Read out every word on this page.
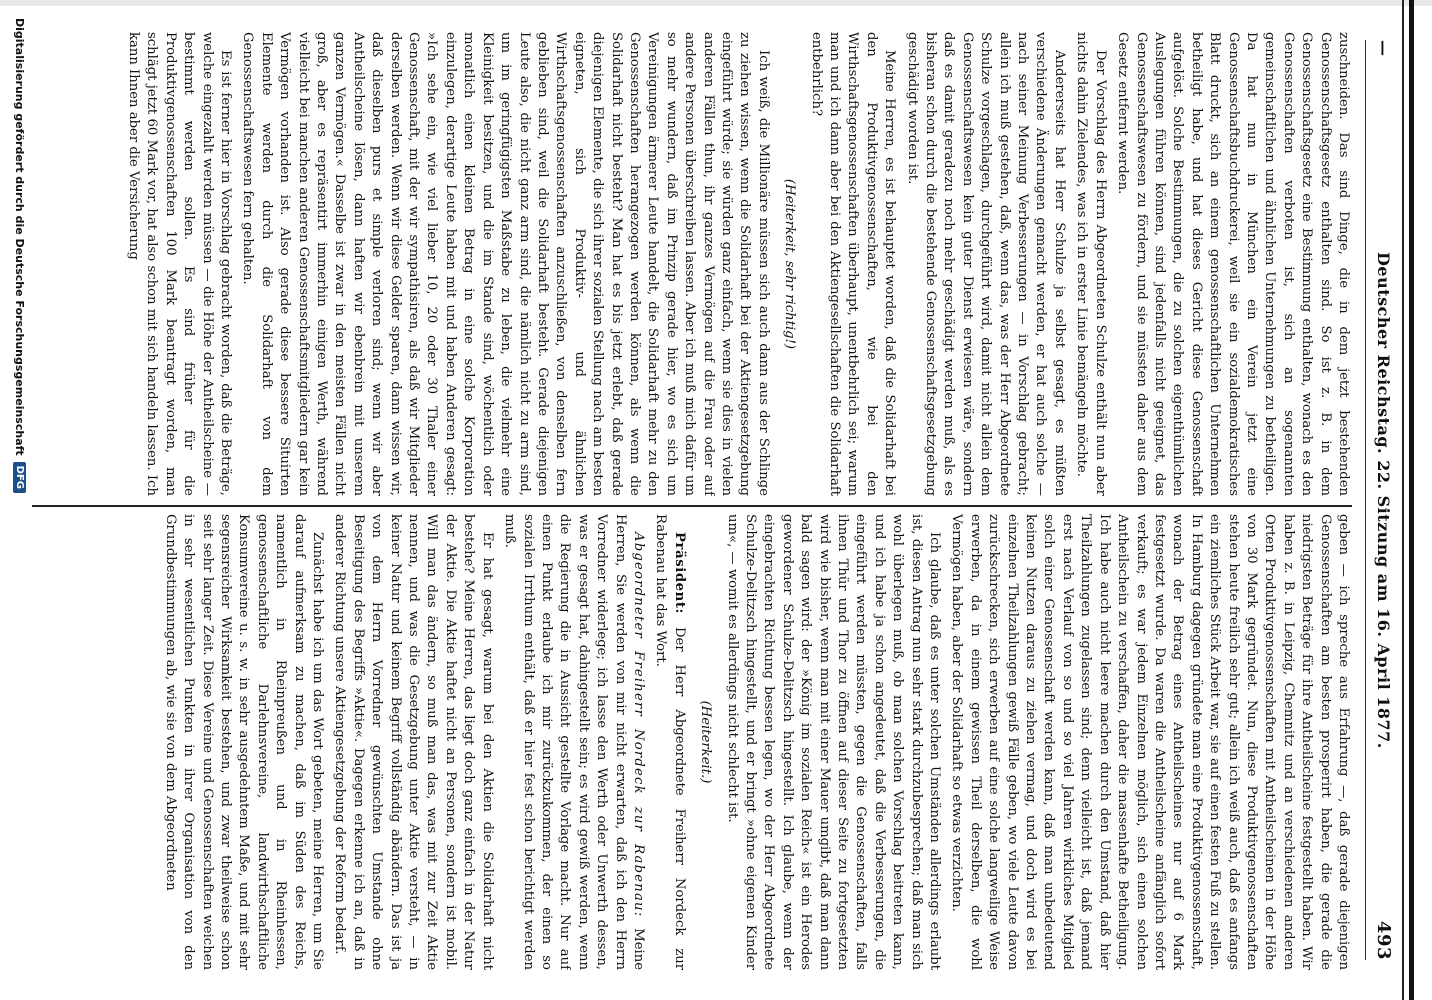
—
Deutscher Reichstag. 22. Sitzung am 16. April 1877.
493

zuschneiden. Das sind Dinge, die in dem jetzt bestehenden Genossenschaftsgesetz enthalten sind. So ist z. B. in dem Genossenschaftsgesetz eine Bestimmung enthalten, wonach es den Genossenschaften verboten ist, sich an sogenannten gemeinschaftlichen und ähnlichen Unternehmungen zu betheiligen. Da hat nun in München ein Verein jetzt eine Genossenschaftsbuchdruckerei, weil sie ein sozialdemokratisches Blatt druckt, sich an einem genossenschaftlichen Unternehmen betheiligt habe, und hat dieses Gericht diese Genossenschaft aufgelöst. Solche Bestimmungen, die zu solchen eigenthümlichen Auslegungen führen können, sind jedenfalls nicht geeignet, das Genossenschaftswesen zu fördern, und sie müssten daher aus dem Gesetz entfernt werden.

Der Vorschlag des Herrn Abgeordneten Schulze enthält nun aber nichts dahin Zielendes, was ich in erster Linie bemängeln möchte.

Andererseits hat Herr Schulze ja selbst gesagt, es müßten verschiedene Änderungen gemacht werden, er hat auch solche — nach seiner Meinung Verbesserungen — in Vorschlag gebracht; allein ich muß gestehen, daß, wenn das, was der Herr Abgeordnete Schulze vorgeschlagen, durchgeführt wird, damit nicht allein dem Genossenschaftswesen kein guter Dienst erwiesen wäre, sondern daß es damit geradezu noch mehr geschädigt werden muß, als es bisheran schon durch die bestehende Genossenschaftsgesetzgebung geschädigt worden ist.

Meine Herren, es ist behauptet worden, daß die Solidarhaft bei den Produktivgenossenschaften, wie bei den Wirthschaftsgenossenschaften überhaupt, unentbehrlich sei; warum man und ich dann aber bei den Aktiengesellschaften die Solidarhaft entbehrlich?

(Heiterkeit, sehr richtig!)

Ich weiß, die Millionäre müssen sich auch dann aus der Schlinge zu ziehen wissen, wenn die Solidarhaft bei der Aktiengesetzgebung eingeführt würde; sie würden ganz einfach, wenn sie dies in vielen anderen Fällen thun, ihr ganzes Vermögen auf die Frau oder auf andere Personen überschreiben lassen. Aber ich muß mich dafür um so mehr wundern, daß im Prinzip gerade hier, wo es sich um Vereinigungen ärmerer Leute handelt, die Solidarhaft mehr zu den Genossenschaften herangezogen werden können, als wenn die Solidarhaft nicht besteht? Man hat es bis jetzt erlebt, daß gerade diejenigen Elemente, die sich ihrer sozialen Stellung nach am besten eigneten, sich Produktiv- und ähnlichen Wirthschaftsgenossenschaften anzuschließen, von denselben fern geblieben sind, weil die Solidarhaft besteht. Gerade diejenigen Leute also, die nicht ganz arm sind, die nämlich nicht zu arm sind, um im geringfügigsten Maßstabe zu leben, die vielmehr eine Kleinigkeit besitzen, und die im Stande sind, wöchentlich oder monatlich einen kleinen Betrag in eine solche Korporation einzulegen, derartige Leute haben mit und haben Anderen gesagt: »Ich sehe ein, wie viel lieber 10, 20 oder 30 Thaler einer Genossenschaft, mit der wir sympathisiren, als daß wir Mitglieder derselben werden. Wenn wir diese Gelder sparen, dann wissen wir, daß dieselben purs et simple verloren sind; wenn wir aber Antheilscheine lösen, dann haften wir ebenbrein mit unserem ganzen Vermögen.« Dasselbe ist zwar in den meisten Fällen nicht groß, aber es repräsentirt immerhin einigen Werth, während vielleicht bei manchen anderen Genossenschaftsmitgliedern gar kein Vermögen vorhanden ist. Also gerade diese bessere Situirten Elemente werden durch die Solidarhaft von dem Genossenschaftswesen fern gehalten.

Es ist ferner hier in Vorschlag gebracht worden, daß die Beträge, welche eingezahlt werden müssen — die Höhe der Antheilscheine — bestimmt werden sollen. Es sind früher für die Produktivgenossenschaften 100 Mark beantragt worden, man schlägt jetzt 60 Mark vor, hat also schon mit sich handeln lassen. Ich kann Ihnen aber die Versicherung

geben — ich spreche aus Erfahrung —, daß gerade diejenigen Genossenschaften am besten prosperirt haben, die gerade die niedrigsten Beträge für ihre Antheilscheine festgestellt haben. Wir haben z. B. in Leipzig, Chemnitz und an verschiedenen anderen Orten Produktivgenossenschaften mit Antheilscheinen in der Höhe von 30 Mark gegründet. Nun, diese Produktivgenossenschaften stehen heute freilich sehr gut; allein ich weiß auch, daß es anfangs ein ziemliches Stück Arbeit war, sie auf einen festen Fuß zu stellen. In Hamburg dagegen gründete man eine Produktivgenossenschaft, wonach der Betrag eines Antheilscheines nur auf 6 Mark festgesetzt wurde. Da waren die Antheilscheine anfänglich sofort verkauft; es war jedem Einzelnen möglich, sich einen solchen Antheilschein zu verschaffen, daher die massenhafte Betheiligung. Ich habe auch nicht leere machen durch den Umstand, daß hier Theilzahlungen zugelassen sind; denn vielleicht ist, daß jemand erst nach Verlauf von so und so viel Jahren wirkliches Mitglied solch einer Genossenschaft werden kann, daß man unbedeutend keinen Nutzen daraus zu ziehen vermag, und doch wird es bei einzelnen Theilzahlungen gewiß Fälle geben, wo viele Leute davon zurückschrecken, sich erwerben auf eine solche langweilige Weise erwerben, da in einem gewissen Theil derselben, die wohl Vermögen haben, aber der Solidarhaft so etwas verzichten.

Ich glaube, daß es unter solchen Umständen allerdings erlaubt ist, diesen Antrag nun sehr stark durchzubesprechen; daß man sich wohl überlegen muß, ob man solchen Vorschlag beitreten kann, und ich habe ja schon angedeutet, daß die Verbesserungen, die eingeführt werden müssten, gegen die Genossenschaften, falls ihnen Thür und Thor zu öffnen auf dieser Seite zu fortgesetzten wird wie bisher, wenn man mit einer Mauer umgibt, daß man dann bald sagen wird: der »König im sozialen Reich« ist ein Herodes gewordener Schulze-Delitzsch hingestellt. Ich glaube, wenn der eingebrachten Richtung bessen legen, wo der Herr Abgeordnete Schulze-Delitzsch hingestellt, und er bringt »ohne eigenen Kinder um«, — womit es allerdings nicht schlecht ist.

(Heiterkeit.)

Präsident: Der Herr Abgeordnete Freiherr Nordeck zur Rabenau hat das Wort.

Abgeordneter Freiherr Nordeck zur Rabenau: Meine Herren, Sie werden von mir nicht erwarten, daß ich den Herrn Vorredner widerlege; ich lasse den Werth oder Unwerth dessen, was er gesagt hat, dahingestellt sein; es wird gewiß werden, wenn die Regierung die in Aussicht gestellte Vorlage macht. Nur auf einen Punkt erlaube ich mir zurückzukommen, der einen so sozialen Irrthum enthält, daß er hier fest schon berichtigt werden muß.

Er hat gesagt, warum bei den Aktien die Solidarhaft nicht bestehe? Meine Herren, das liegt doch ganz einfach in der Natur der Aktie. Die Aktie haftet nicht an Personen, sondern ist mobil. Will man das ändern, so muß man das, was mit zur Zeit Aktie nennen, und was die Gesetzgebung unter Aktie versteht, — in keiner Natur und keinem Begriff vollständig abändern. Das ist ja von dem Herrn Vorredner gewünschten Umstande ohne Beseitigung des Begriffs »Aktie«. Dagegen erkenne ich an, daß in anderer Richtung unsere Aktiengesetzgebung der Reform bedarf.

Zunächst habe ich um das Wort gebeten, meine Herren, um Sie darauf aufmerksam zu machen, daß im Süden des Reichs, namentlich in Rheinpreußen und in Rheinhessen, genossenschaftliche Darlehnsvereine, landwirthschaftliche Konsumvereine u. s. w. in sehr ausgedehntem Maße, und mit sehr segensreicher Wirksamkeit bestehen, und zwar theilweise schon seit sehr langer Zeit. Diese Vereine und Genossenschaften weichen in sehr wesentlichen Punkten in ihrer Organisation von den Grundbestimmungen ab, wie sie von dem Abgeordneten

Digitalisierung gefördert durch die Deutsche Forschungsgemeinschaft
DFG
